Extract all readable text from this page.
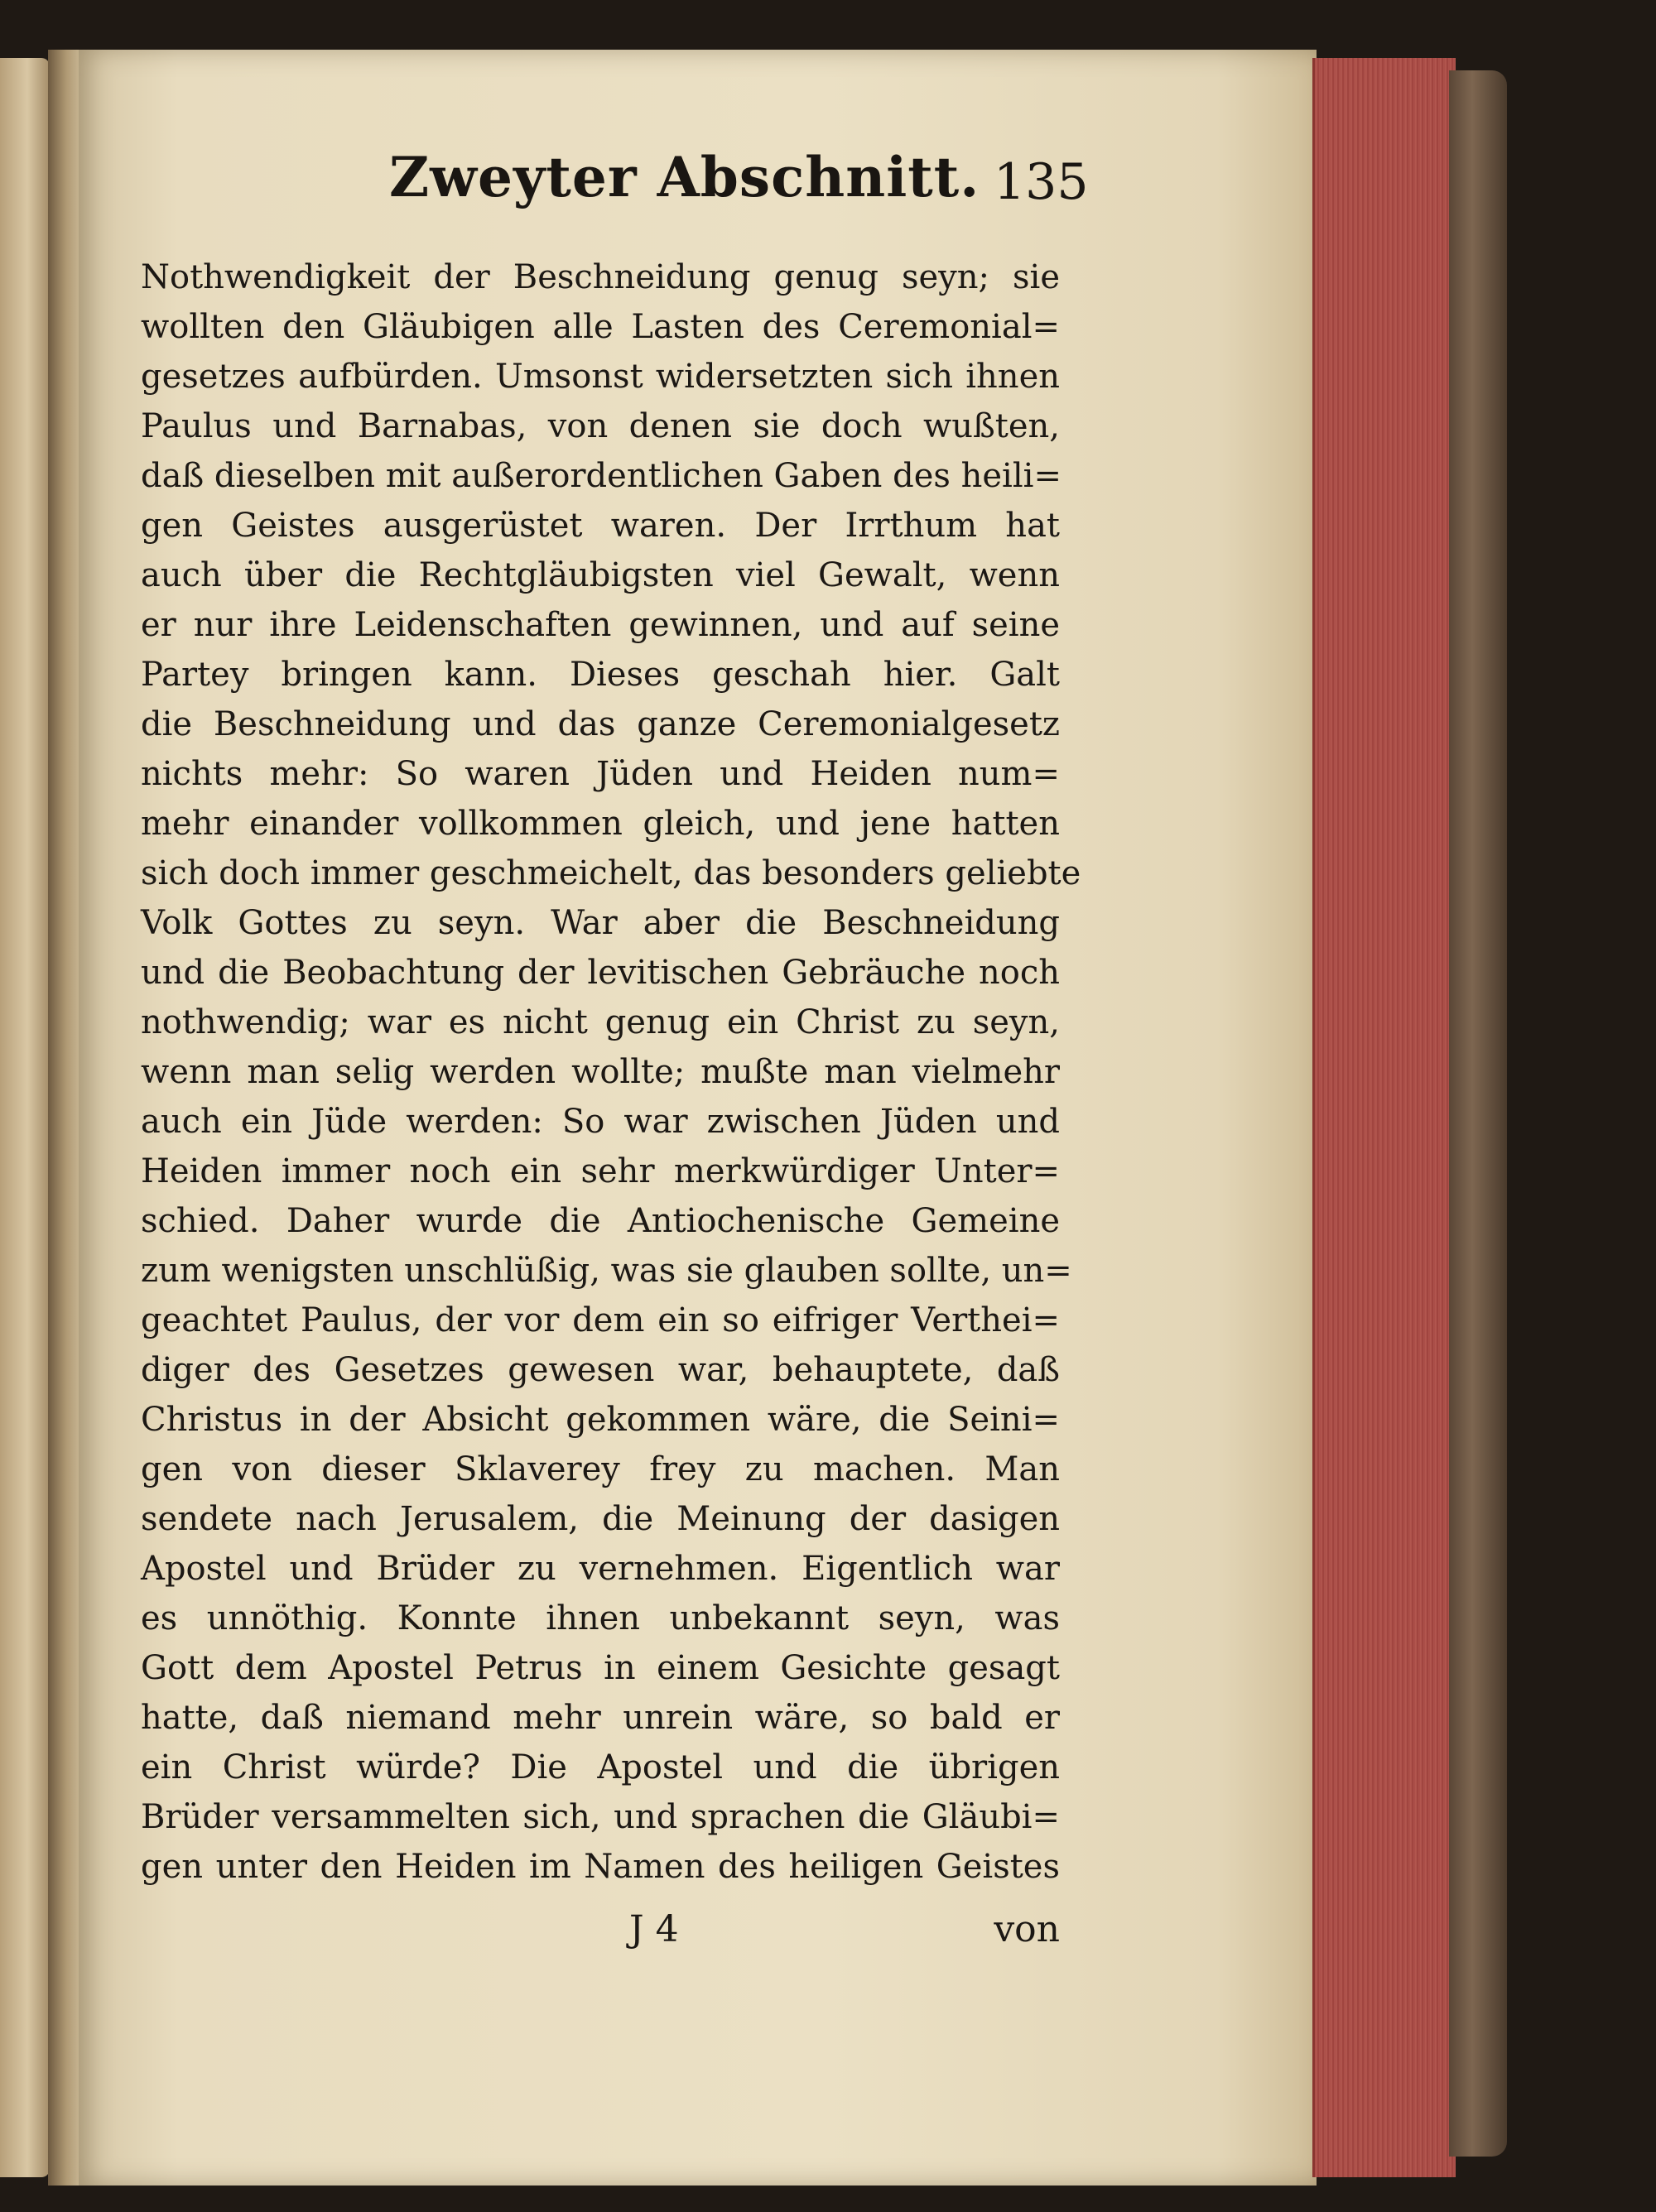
Zweyter Abschnitt. 135
Nothwendigkeit der Beschneidung genug seyn; sie
wollten den Gläubigen alle Lasten des Ceremonial=
gesetzes aufbürden. Umsonst widersetzten sich ihnen
Paulus und Barnabas, von denen sie doch wußten,
daß dieselben mit außerordentlichen Gaben des heili=
gen Geistes ausgerüstet waren. Der Irrthum hat
auch über die Rechtgläubigsten viel Gewalt, wenn
er nur ihre Leidenschaften gewinnen, und auf seine
Partey bringen kann. Dieses geschah hier. Galt
die Beschneidung und das ganze Ceremonialgesetz
nichts mehr: So waren Jüden und Heiden num=
mehr einander vollkommen gleich, und jene hatten
sich doch immer geschmeichelt, das besonders geliebte
Volk Gottes zu seyn. War aber die Beschneidung
und die Beobachtung der levitischen Gebräuche noch
nothwendig; war es nicht genug ein Christ zu seyn,
wenn man selig werden wollte; mußte man vielmehr
auch ein Jüde werden: So war zwischen Jüden und
Heiden immer noch ein sehr merkwürdiger Unter=
schied. Daher wurde die Antiochenische Gemeine
zum wenigsten unschlüßig, was sie glauben sollte, un=
geachtet Paulus, der vor dem ein so eifriger Verthei=
diger des Gesetzes gewesen war, behauptete, daß
Christus in der Absicht gekommen wäre, die Seini=
gen von dieser Sklaverey frey zu machen. Man
sendete nach Jerusalem, die Meinung der dasigen
Apostel und Brüder zu vernehmen. Eigentlich war
es unnöthig. Konnte ihnen unbekannt seyn, was
Gott dem Apostel Petrus in einem Gesichte gesagt
hatte, daß niemand mehr unrein wäre, so bald er
ein Christ würde? Die Apostel und die übrigen
Brüder versammelten sich, und sprachen die Gläubi=
gen unter den Heiden im Namen des heiligen Geistes
J 4	von
